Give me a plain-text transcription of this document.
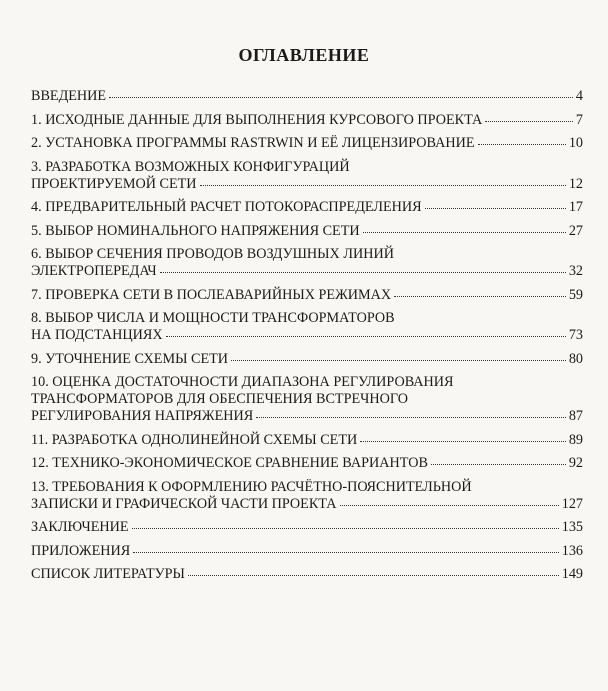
ОГЛАВЛЕНИЕ
ВВЕДЕНИЕ	4
1. ИСХОДНЫЕ ДАННЫЕ ДЛЯ ВЫПОЛНЕНИЯ КУРСОВОГО ПРОЕКТА	7
2. УСТАНОВКА ПРОГРАММЫ RASTRWIN И ЕЁ ЛИЦЕНЗИРОВАНИЕ	10
3. РАЗРАБОТКА ВОЗМОЖНЫХ КОНФИГУРАЦИЙ
ПРОЕКТИРУЕМОЙ СЕТИ	12
4. ПРЕДВАРИТЕЛЬНЫЙ РАСЧЕТ ПОТОКОРАСПРЕДЕЛЕНИЯ	17
5. ВЫБОР НОМИНАЛЬНОГО НАПРЯЖЕНИЯ СЕТИ	27
6. ВЫБОР СЕЧЕНИЯ ПРОВОДОВ ВОЗДУШНЫХ ЛИНИЙ
ЭЛЕКТРОПЕРЕДАЧ	32
7. ПРОВЕРКА СЕТИ В ПОСЛЕАВАРИЙНЫХ РЕЖИМАХ	59
8. ВЫБОР ЧИСЛА И МОЩНОСТИ ТРАНСФОРМАТОРОВ
НА ПОДСТАНЦИЯХ	73
9. УТОЧНЕНИЕ СХЕМЫ СЕТИ	80
10. ОЦЕНКА ДОСТАТОЧНОСТИ ДИАПАЗОНА РЕГУЛИРОВАНИЯ
ТРАНСФОРМАТОРОВ ДЛЯ ОБЕСПЕЧЕНИЯ ВСТРЕЧНОГО
РЕГУЛИРОВАНИЯ НАПРЯЖЕНИЯ	87
11. РАЗРАБОТКА ОДНОЛИНЕЙНОЙ СХЕМЫ СЕТИ	89
12. ТЕХНИКО-ЭКОНОМИЧЕСКОЕ СРАВНЕНИЕ ВАРИАНТОВ	92
13. ТРЕБОВАНИЯ К ОФОРМЛЕНИЮ РАСЧЁТНО-ПОЯСНИТЕЛЬНОЙ
ЗАПИСКИ И ГРАФИЧЕСКОЙ ЧАСТИ ПРОЕКТА	127
ЗАКЛЮЧЕНИЕ	135
ПРИЛОЖЕНИЯ	136
СПИСОК ЛИТЕРАТУРЫ	149
